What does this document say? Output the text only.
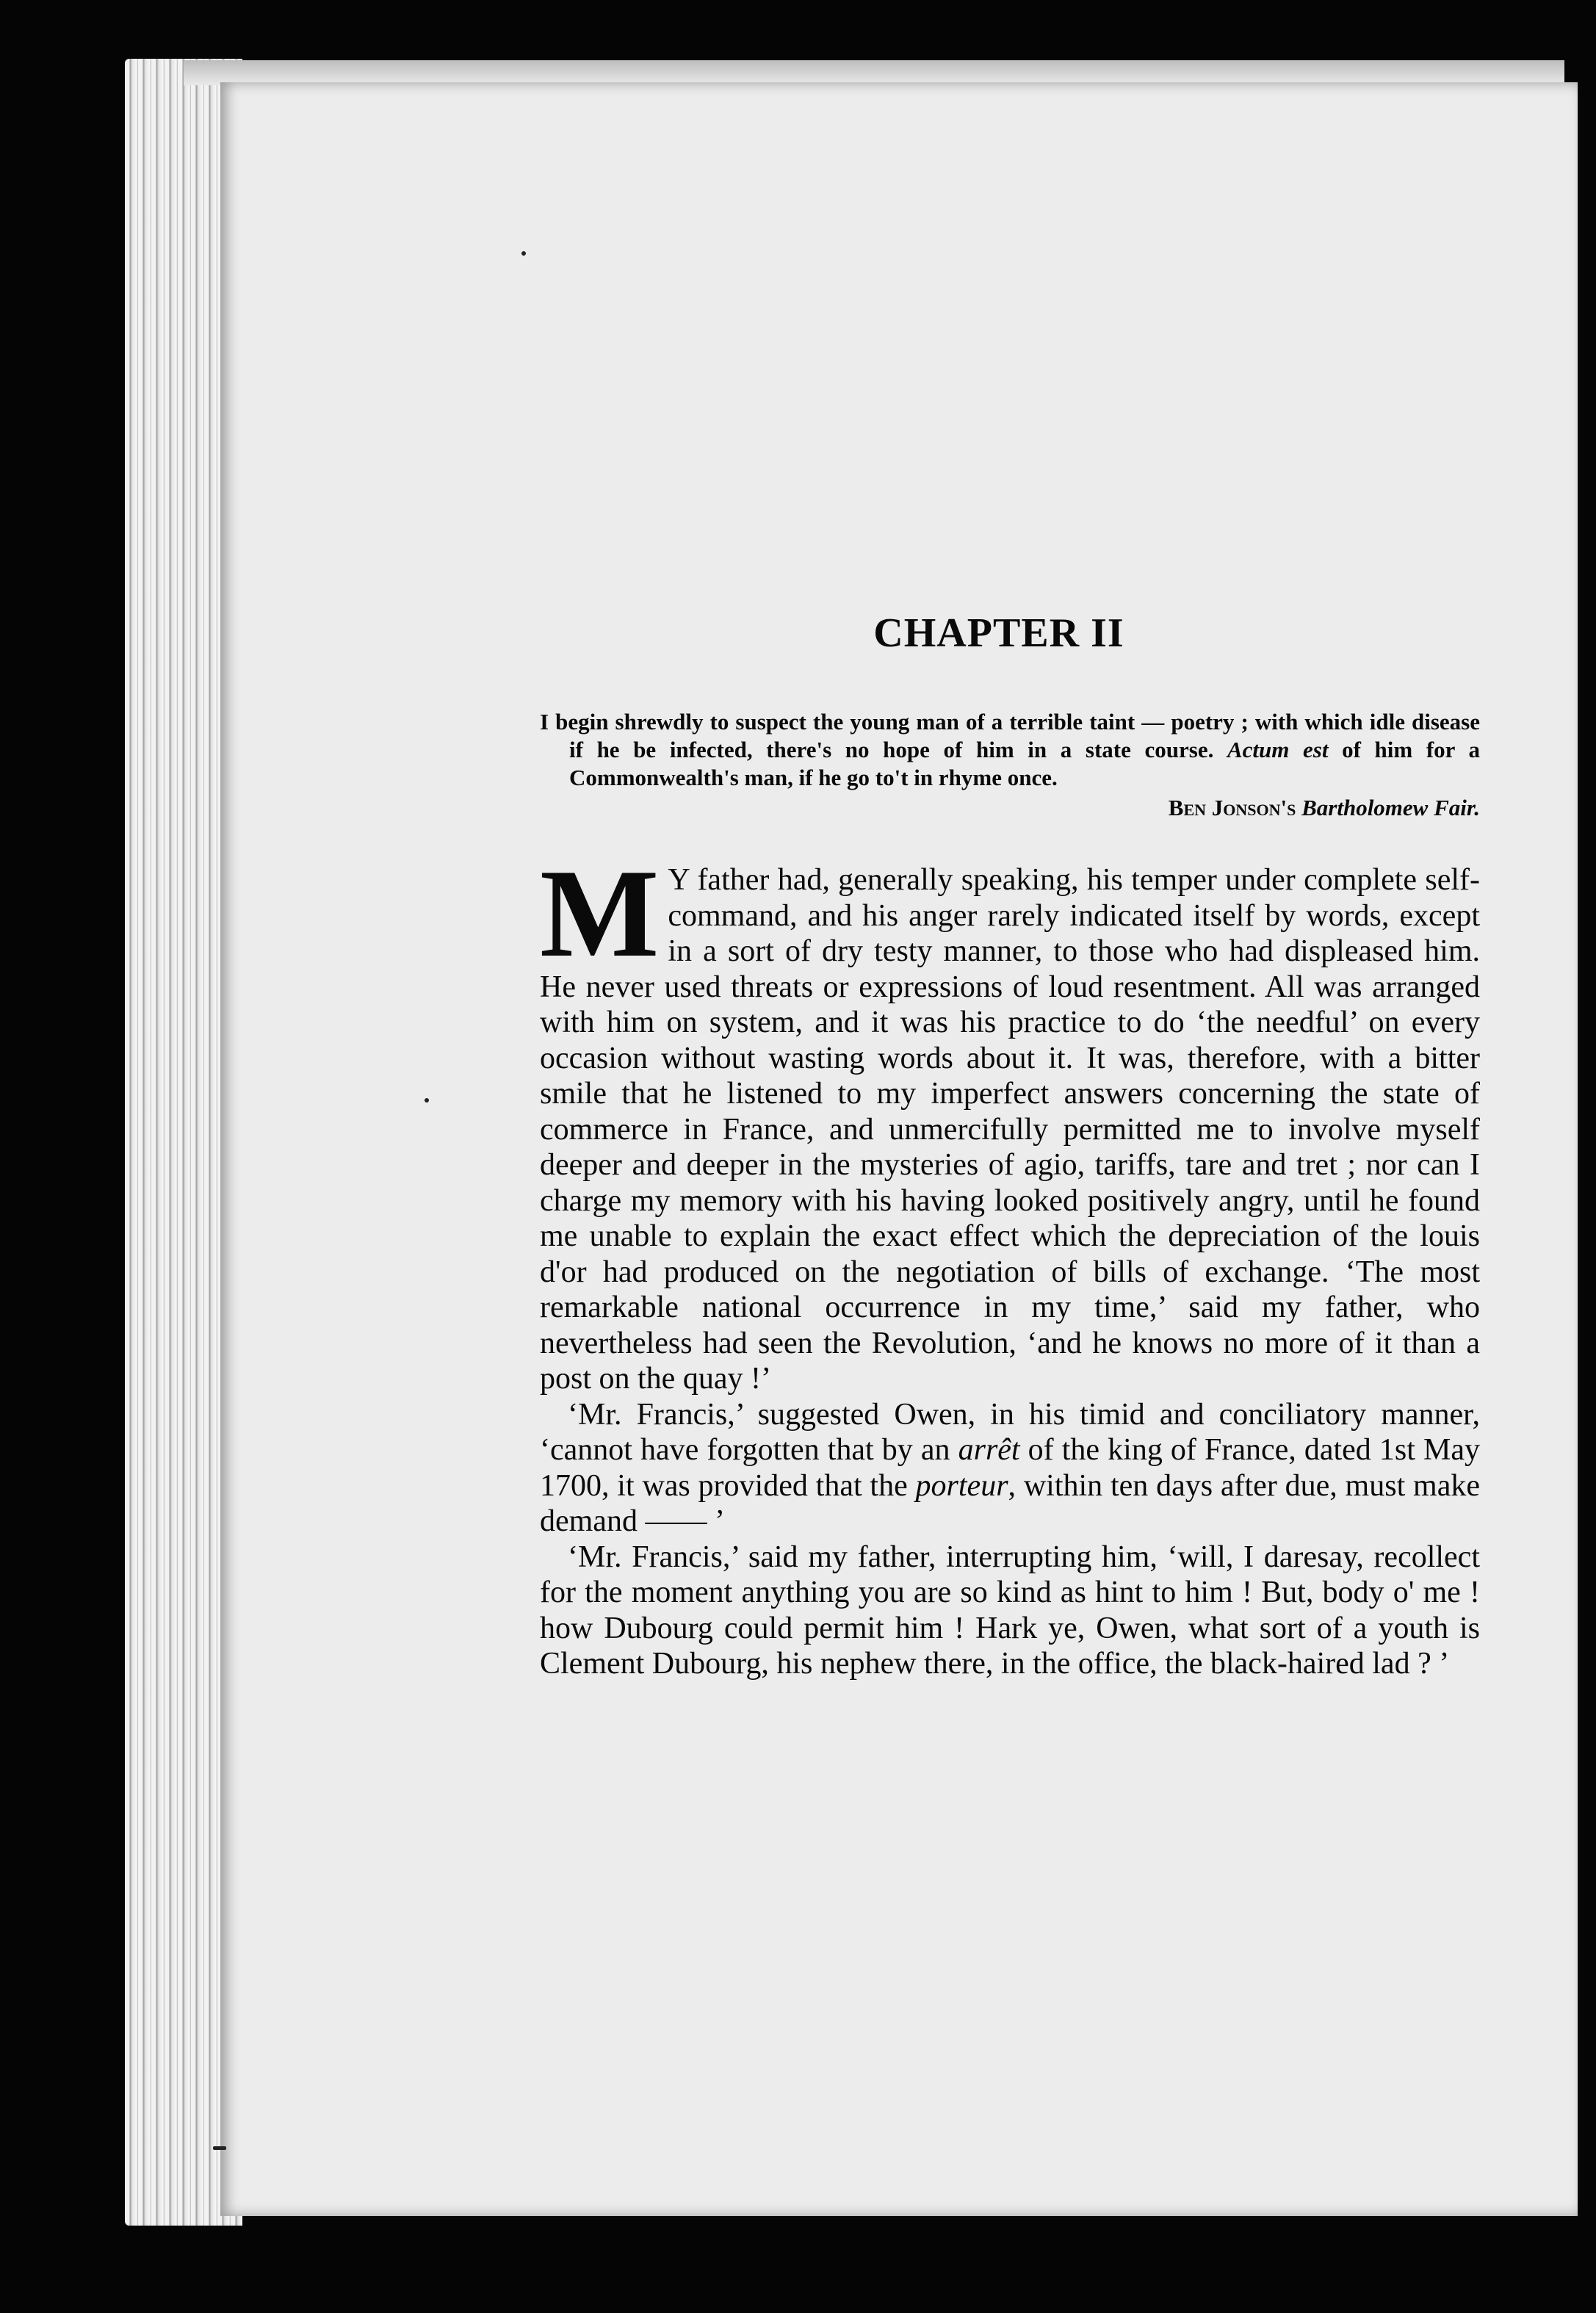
CHAPTER II

I begin shrewdly to suspect the young man of a terrible taint — poetry ; with which idle disease if he be infected, there's no hope of him in a state course. Actum est of him for a Commonwealth's man, if he go to't in rhyme once.

Ben Jonson's Bartholomew Fair.

M Y father had, generally speaking, his temper under complete self-command, and his anger rarely indicated itself by words, except in a sort of dry testy manner, to those who had displeased him. He never used threats or expressions of loud resentment. All was arranged with him on system, and it was his practice to do ‘the needful’ on every occasion without wasting words about it. It was, therefore, with a bitter smile that he listened to my imperfect answers concerning the state of commerce in France, and unmercifully permitted me to involve myself deeper and deeper in the mysteries of agio, tariffs, tare and tret ; nor can I charge my memory with his having looked positively angry, until he found me unable to explain the exact effect which the depreciation of the louis d'or had produced on the negotiation of bills of exchange. ‘The most remarkable national occurrence in my time,’ said my father, who nevertheless had seen the Revolution, ‘and he knows no more of it than a post on the quay !’

‘Mr. Francis,’ suggested Owen, in his timid and conciliatory manner, ‘cannot have forgotten that by an arrêt of the king of France, dated 1st May 1700, it was provided that the porteur, within ten days after due, must make demand —— ’

‘Mr. Francis,’ said my father, interrupting him, ‘will, I daresay, recollect for the moment anything you are so kind as hint to him ! But, body o' me ! how Dubourg could permit him ! Hark ye, Owen, what sort of a youth is Clement Dubourg, his nephew there, in the office, the black-haired lad ? ’
